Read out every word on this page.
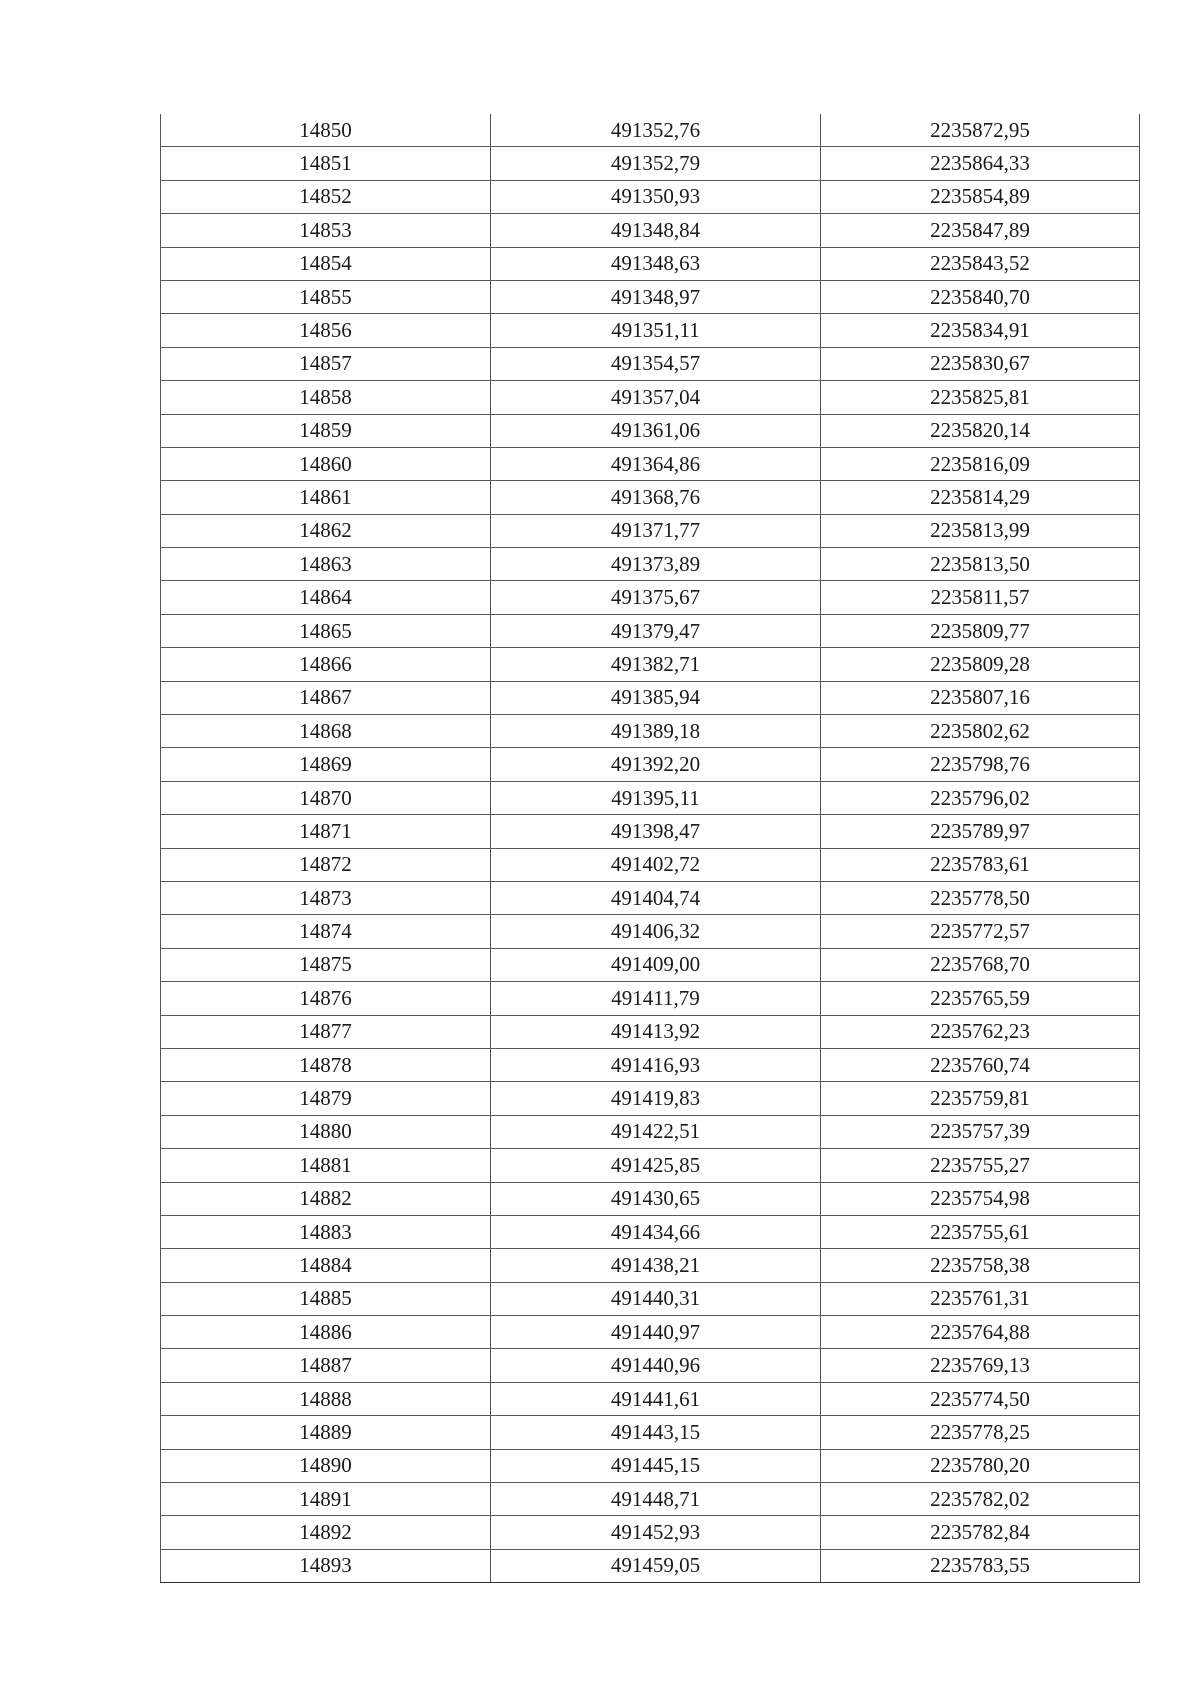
14850	491352,76	2235872,95
14851	491352,79	2235864,33
14852	491350,93	2235854,89
14853	491348,84	2235847,89
14854	491348,63	2235843,52
14855	491348,97	2235840,70
14856	491351,11	2235834,91
14857	491354,57	2235830,67
14858	491357,04	2235825,81
14859	491361,06	2235820,14
14860	491364,86	2235816,09
14861	491368,76	2235814,29
14862	491371,77	2235813,99
14863	491373,89	2235813,50
14864	491375,67	2235811,57
14865	491379,47	2235809,77
14866	491382,71	2235809,28
14867	491385,94	2235807,16
14868	491389,18	2235802,62
14869	491392,20	2235798,76
14870	491395,11	2235796,02
14871	491398,47	2235789,97
14872	491402,72	2235783,61
14873	491404,74	2235778,50
14874	491406,32	2235772,57
14875	491409,00	2235768,70
14876	491411,79	2235765,59
14877	491413,92	2235762,23
14878	491416,93	2235760,74
14879	491419,83	2235759,81
14880	491422,51	2235757,39
14881	491425,85	2235755,27
14882	491430,65	2235754,98
14883	491434,66	2235755,61
14884	491438,21	2235758,38
14885	491440,31	2235761,31
14886	491440,97	2235764,88
14887	491440,96	2235769,13
14888	491441,61	2235774,50
14889	491443,15	2235778,25
14890	491445,15	2235780,20
14891	491448,71	2235782,02
14892	491452,93	2235782,84
14893	491459,05	2235783,55
